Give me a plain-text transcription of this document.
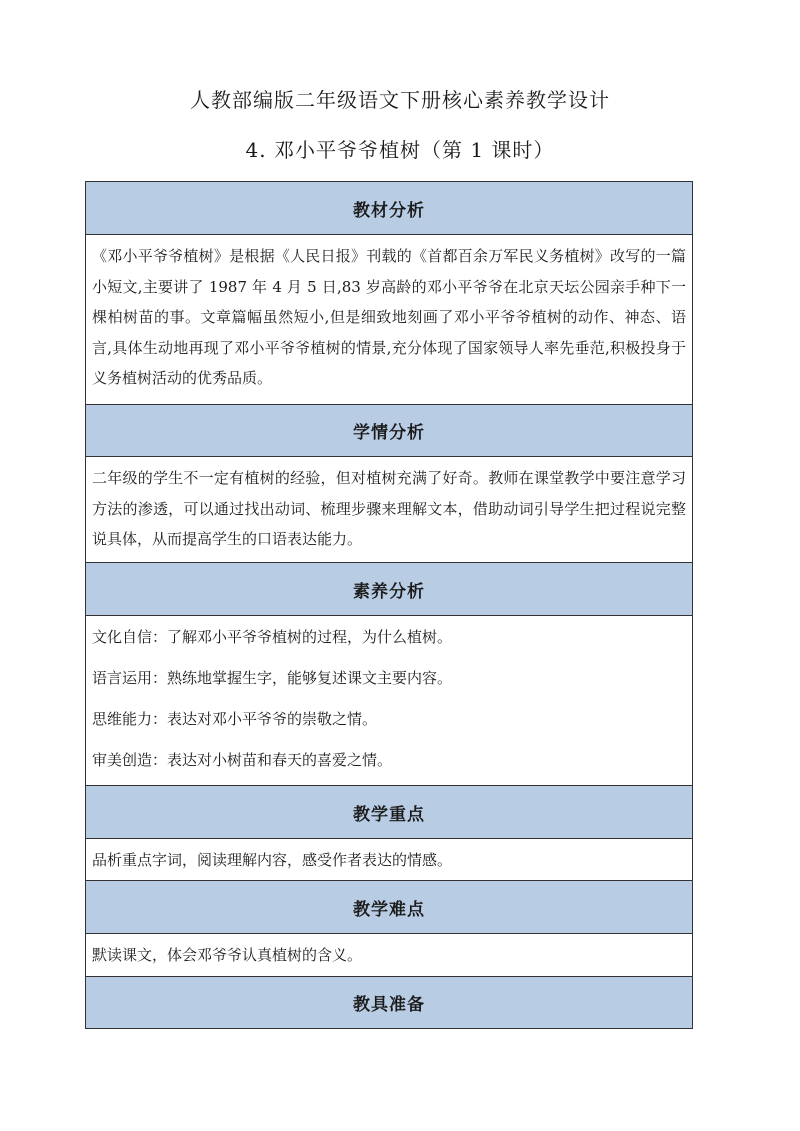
人教部编版二年级语文下册核心素养教学设计
4. 邓小平爷爷植树（第 1 课时）
教材分析

《邓小平爷爷植树》是根据《人民日报》刊载的《首都百余万军民义务植树》改写的一篇小短文,主要讲了 1987 年 4 月 5 日,83 岁高龄的邓小平爷爷在北京天坛公园亲手种下一棵柏树苗的事。文章篇幅虽然短小,但是细致地刻画了邓小平爷爷植树的动作、神态、语言,具体生动地再现了邓小平爷爷植树的情景,充分体现了国家领导人率先垂范,积极投身于义务植树活动的优秀品质。

学情分析

二年级的学生不一定有植树的经验，但对植树充满了好奇。教师在课堂教学中要注意学习方法的渗透，可以通过找出动词、梳理步骤来理解文本，借助动词引导学生把过程说完整说具体，从而提高学生的口语表达能力。

素养分析

文化自信：了解邓小平爷爷植树的过程，为什么植树。

语言运用：熟练地掌握生字，能够复述课文主要内容。

思维能力：表达对邓小平爷爷的崇敬之情。

审美创造：表达对小树苗和春天的喜爱之情。

教学重点

品析重点字词，阅读理解内容，感受作者表达的情感。

教学难点

默读课文，体会邓爷爷认真植树的含义。

教具准备
